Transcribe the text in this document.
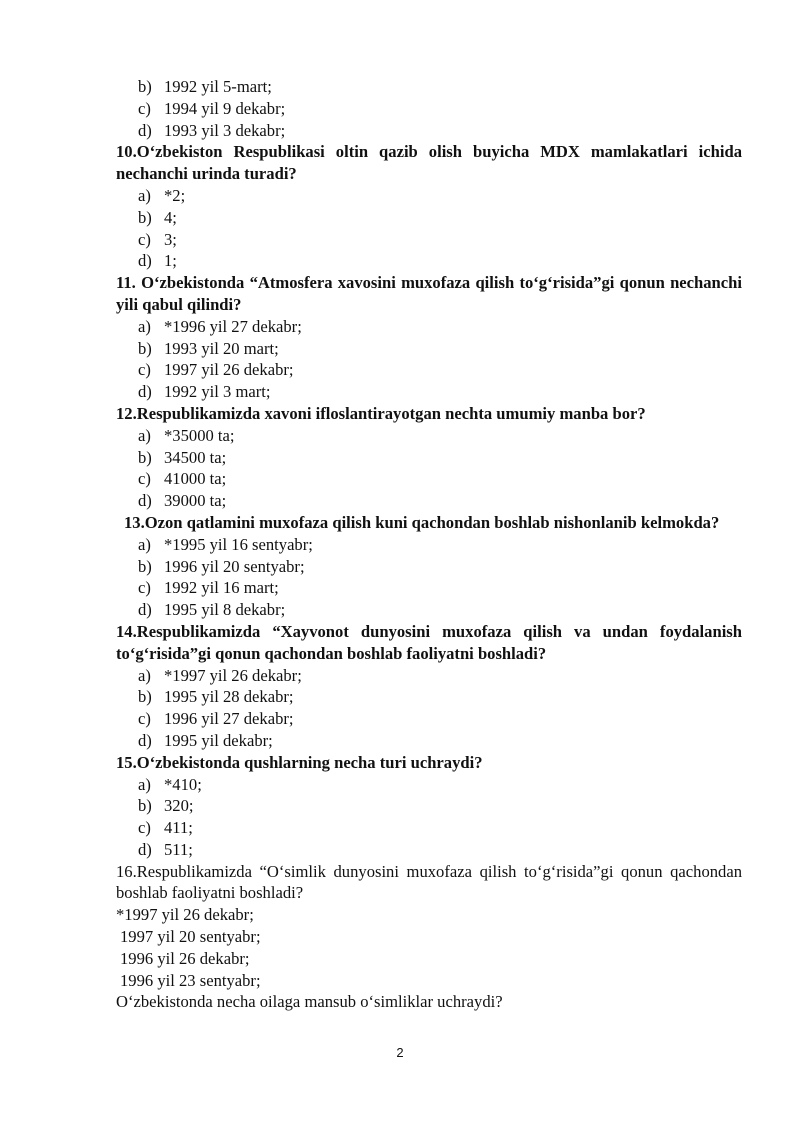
b) 1992 yil 5-mart;
c) 1994 yil 9 dekabr;
d) 1993 yil 3 dekabr;

10.O‘zbekiston Respublikasi oltin qazib olish buyicha MDX mamlakatlari ichida nechanchi urinda turadi?

a) *2;
b) 4;
c) 3;
d) 1;

11. O‘zbekistonda “Atmosfera xavosini muxofaza qilish to‘g‘risida”gi qonun nechanchi yili qabul qilindi?

a) *1996 yil 27 dekabr;
b) 1993 yil 20 mart;
c) 1997 yil 26 dekabr;
d) 1992 yil 3 mart;

12.Respublikamizda xavoni ifloslantirayotgan nechta umumiy manba bor?

a) *35000 ta;
b) 34500 ta;
c) 41000 ta;
d) 39000 ta;

13.Ozon qatlamini muxofaza qilish kuni qachondan boshlab nishonlanib kelmokda?

a) *1995 yil 16 sentyabr;
b) 1996 yil 20 sentyabr;
c) 1992 yil 16 mart;
d) 1995 yil 8 dekabr;

14.Respublikamizda “Xayvonot dunyosini muxofaza qilish va undan foydalanish to‘g‘risida”gi qonun qachondan boshlab faoliyatni boshladi?

a) *1997 yil 26 dekabr;
b) 1995 yil 28 dekabr;
c) 1996 yil 27 dekabr;
d) 1995 yil dekabr;

15.O‘zbekistonda qushlarning necha turi uchraydi?

a) *410;
b) 320;
c) 411;
d) 511;

16.Respublikamizda “O‘simlik dunyosini muxofaza qilish to‘g‘risida”gi qonun qachondan boshlab faoliyatni boshladi?

*1997 yil 26 dekabr;

1997 yil 20 sentyabr;

1996 yil 26 dekabr;

1996 yil 23 sentyabr;

O‘zbekistonda necha oilaga mansub o‘simliklar uchraydi?

2
